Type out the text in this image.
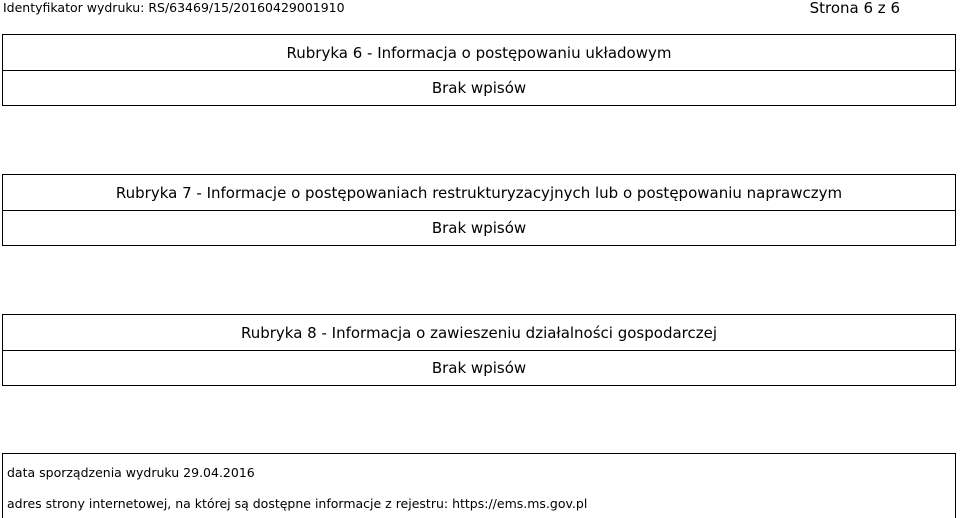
Identyfikator wydruku: RS/63469/15/20160429001910	Strona 6 z 6
Rubryka 6 - Informacja o postępowaniu układowym
Brak wpisów
Rubryka 7 - Informacje o postępowaniach restrukturyzacyjnych lub o postępowaniu naprawczym
Brak wpisów
Rubryka 8 - Informacja o zawieszeniu działalności gospodarczej
Brak wpisów
data sporządzenia wydruku 29.04.2016
adres strony internetowej, na której są dostępne informacje z rejestru: https://ems.ms.gov.pl
